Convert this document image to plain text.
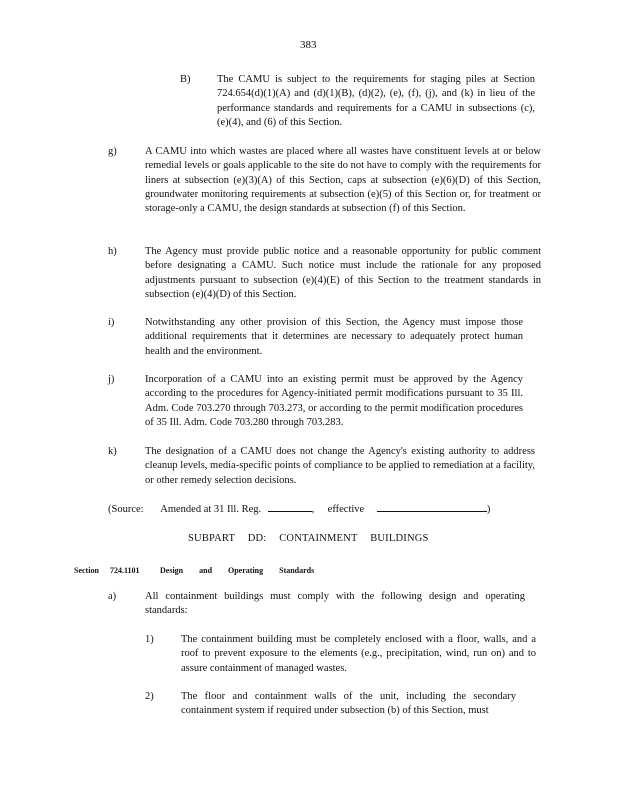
383
B)	The CAMU is subject to the requirements for staging piles at Section 724.654(d)(1)(A) and (d)(1)(B), (d)(2), (e), (f), (j), and (k) in lieu of the performance standards and requirements for a CAMU in subsections (c), (e)(4), and (6) of this Section.
g)	A CAMU into which wastes are placed where all wastes have constituent levels at or below remedial levels or goals applicable to the site do not have to comply with the requirements for liners at subsection (e)(3)(A) of this Section, caps at subsection (e)(6)(D) of this Section, groundwater monitoring requirements at subsection (e)(5) of this Section or, for treatment or storage-only a CAMU, the design standards at subsection (f) of this Section.
h)	The Agency must provide public notice and a reasonable opportunity for public comment before designating a CAMU. Such notice must include the rationale for any proposed adjustments pursuant to subsection (e)(4)(E) of this Section to the treatment standards in subsection (e)(4)(D) of this Section.
i)	Notwithstanding any other provision of this Section, the Agency must impose those additional requirements that it determines are necessary to adequately protect human health and the environment.
j)	Incorporation of a CAMU into an existing permit must be approved by the Agency according to the procedures for Agency-initiated permit modifications pursuant to 35 Ill. Adm. Code 703.270 through 703.273, or according to the permit modification procedures of 35 Ill. Adm. Code 703.280 through 703.283.
k)	The designation of a CAMU does not change the Agency's existing authority to address cleanup levels, media-specific points of compliance to be applied to remediation at a facility, or other remedy selection decisions.
(Source: Amended at 31 Ill. Reg.	, effective	)
SUBPART DD: CONTAINMENT BUILDINGS
Section 724.1101	Design and Operating Standards
a)	All containment buildings must comply with the following design and operating standards:
1)	The containment building must be completely enclosed with a floor, walls, and a roof to prevent exposure to the elements (e.g., precipitation, wind, run on) and to assure containment of managed wastes.
2)	The floor and containment walls of the unit, including the secondary containment system if required under subsection (b) of this Section, must
